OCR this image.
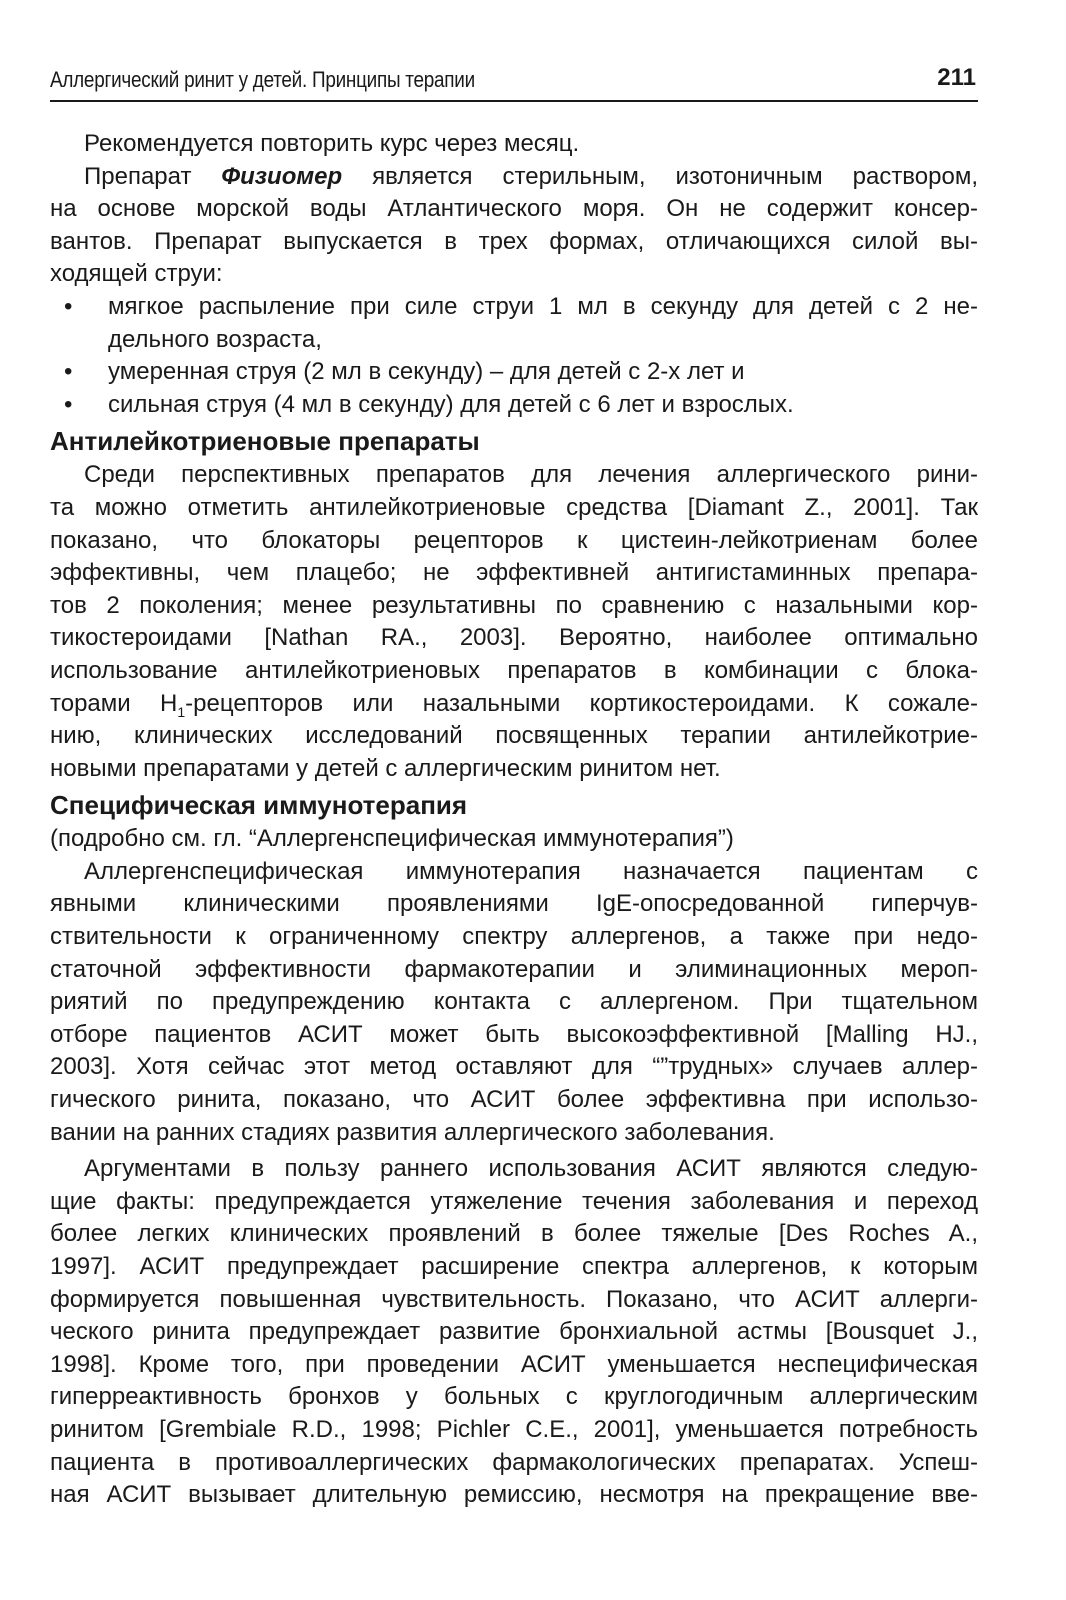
Аллергический ринит у детей. Принципы терапии	211
Рекомендуется повторить курс через месяц.
Препарат Физиомер является стерильным, изотоничным раствором,
на основе морской воды Атлантического моря. Он не содержит консер-
вантов. Препарат выпускается в трех формах, отличающихся силой вы-
ходящей струи:
• мягкое распыление при силе струи 1 мл в секунду для детей с 2 не-
дельного возраста,
• умеренная струя (2 мл в секунду) – для детей с 2-х лет и
• сильная струя (4 мл в секунду) для детей с 6 лет и взрослых.
Антилейкотриеновые препараты
Среди перспективных препаратов для лечения аллергического рини-
та можно отметить антилейкотриеновые средства [Diamant Z., 2001]. Так
показано, что блокаторы рецепторов к цистеин-лейкотриенам более
эффективны, чем плацебо; не эффективней антигистаминных препара-
тов 2 поколения; менее результативны по сравнению с назальными кор-
тикостероидами [Nathan RA., 2003]. Вероятно, наиболее оптимально
использование антилейкотриеновых препаратов в комбинации с блока-
торами $H_1$-рецепторов или назальными кортикостероидами. К сожале-
нию, клинических исследований посвященных терапии антилейкотрие-
новыми препаратами у детей с аллергическим ринитом нет.
Специфическая иммунотерапия
(подробно см. гл. “Аллергенспецифическая иммунотерапия”)
Аллергенспецифическая иммунотерапия назначается пациентам с
явными клиническими проявлениями IgE-опосредованной гиперчув-
ствительности к ограниченному спектру аллергенов, а также при недо-
статочной эффективности фармакотерапии и элиминационных мероп-
риятий по предупреждению контакта с аллергеном. При тщательном
отборе пациентов АСИТ может быть высокоэффективной [Malling HJ.,
2003]. Хотя сейчас этот метод оставляют для “”трудных» случаев аллер-
гического ринита, показано, что АСИТ более эффективна при использо-
вании на ранних стадиях развития аллергического заболевания.
Аргументами в пользу раннего использования АСИТ являются следую-
щие факты: предупреждается утяжеление течения заболевания и переход
более легких клинических проявлений в более тяжелые [Des Roches A.,
1997]. АСИТ предупреждает расширение спектра аллергенов, к которым
формируется повышенная чувствительность. Показано, что АСИТ аллерги-
ческого ринита предупреждает развитие бронхиальной астмы [Bousquet J.,
1998]. Кроме того, при проведении АСИТ уменьшается неспецифическая
гиперреактивность бронхов у больных с круглогодичным аллергическим
ринитом [Grembiale R.D., 1998; Pichler C.E., 2001], уменьшается потребность
пациента в противоаллергических фармакологических препаратах. Успеш-
ная АСИТ вызывает длительную ремиссию, несмотря на прекращение вве-
